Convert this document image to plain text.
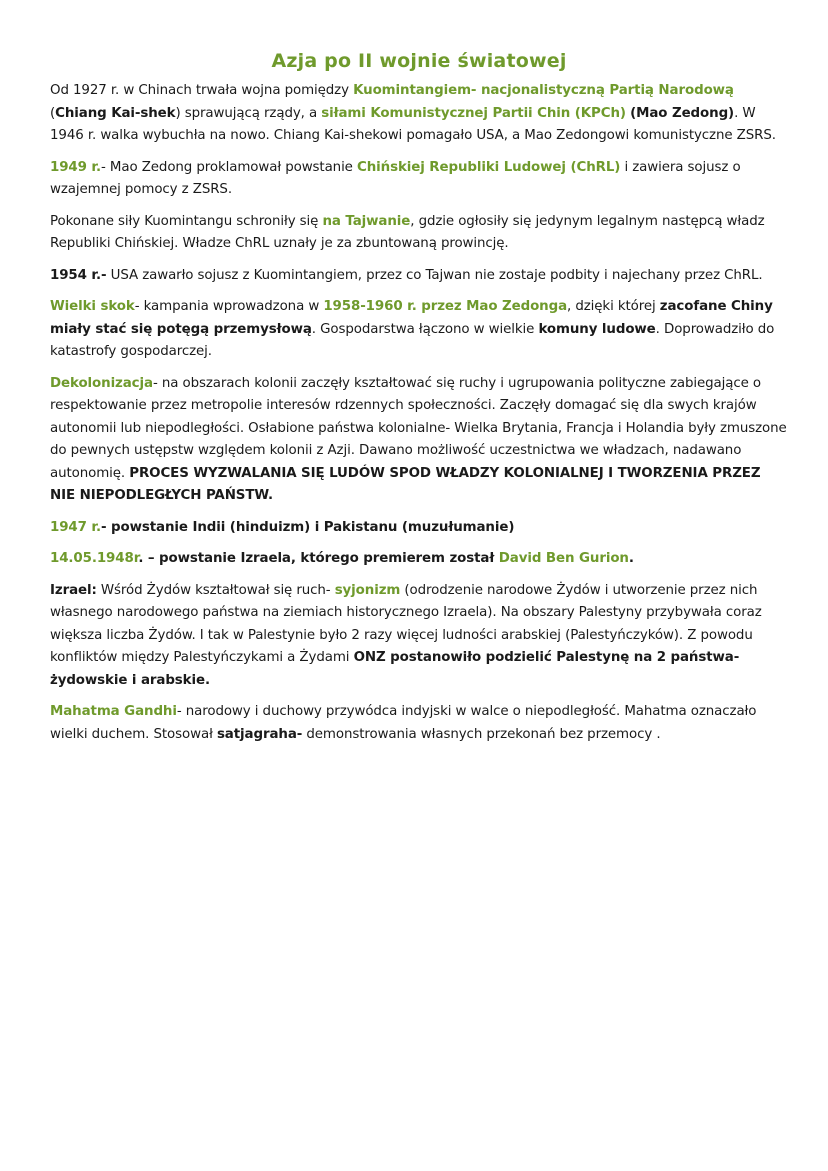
Azja po II wojnie światowej

Od 1927 r. w Chinach trwała wojna pomiędzy Kuomintangiem- nacjonalistyczną Partią Narodową (Chiang Kai-shek) sprawującą rządy, a siłami Komunistycznej Partii Chin (KPCh) (Mao Zedong). W 1946 r. walka wybuchła na nowo. Chiang Kai-shekowi pomagało USA, a Mao Zedongowi komunistyczne ZSRS.

1949 r.- Mao Zedong proklamował powstanie Chińskiej Republiki Ludowej (ChRL) i zawiera sojusz o wzajemnej pomocy z ZSRS.

Pokonane siły Kuomintangu schroniły się na Tajwanie, gdzie ogłosiły się jedynym legalnym następcą władz Republiki Chińskiej. Władze ChRL uznały je za zbuntowaną prowincję.

1954 r.- USA zawarło sojusz z Kuomintangiem, przez co Tajwan nie zostaje podbity i najechany przez ChRL.

Wielki skok- kampania wprowadzona w 1958-1960 r. przez Mao Zedonga, dzięki której zacofane Chiny miały stać się potęgą przemysłową. Gospodarstwa łączono w wielkie komuny ludowe. Doprowadziło do katastrofy gospodarczej.

Dekolonizacja- na obszarach kolonii zaczęły kształtować się ruchy i ugrupowania polityczne zabiegające o respektowanie przez metropolie interesów rdzennych społeczności. Zaczęły domagać się dla swych krajów autonomii lub niepodległości. Osłabione państwa kolonialne- Wielka Brytania, Francja i Holandia były zmuszone do pewnych ustępstw względem kolonii z Azji. Dawano możliwość uczestnictwa we władzach, nadawano autonomię. PROCES WYZWALANIA SIĘ LUDÓW SPOD WŁADZY KOLONIALNEJ I TWORZENIA PRZEZ NIE NIEPODLEGŁYCH PAŃSTW.

1947 r.- powstanie Indii (hinduizm) i Pakistanu (muzułumanie)

14.05.1948r. – powstanie Izraela, którego premierem został David Ben Gurion.

Izrael: Wśród Żydów kształtował się ruch- syjonizm (odrodzenie narodowe Żydów i utworzenie przez nich własnego narodowego państwa na ziemiach historycznego Izraela). Na obszary Palestyny przybywała coraz większa liczba Żydów. I tak w Palestynie było 2 razy więcej ludności arabskiej (Palestyńczyków). Z powodu konfliktów między Palestyńczykami a Żydami ONZ postanowiło podzielić Palestynę na 2 państwa- żydowskie i arabskie.

Mahatma Gandhi- narodowy i duchowy przywódca indyjski w walce o niepodległość. Mahatma oznaczało wielki duchem. Stosował satjagraha- demonstrowania własnych przekonań bez przemocy .
